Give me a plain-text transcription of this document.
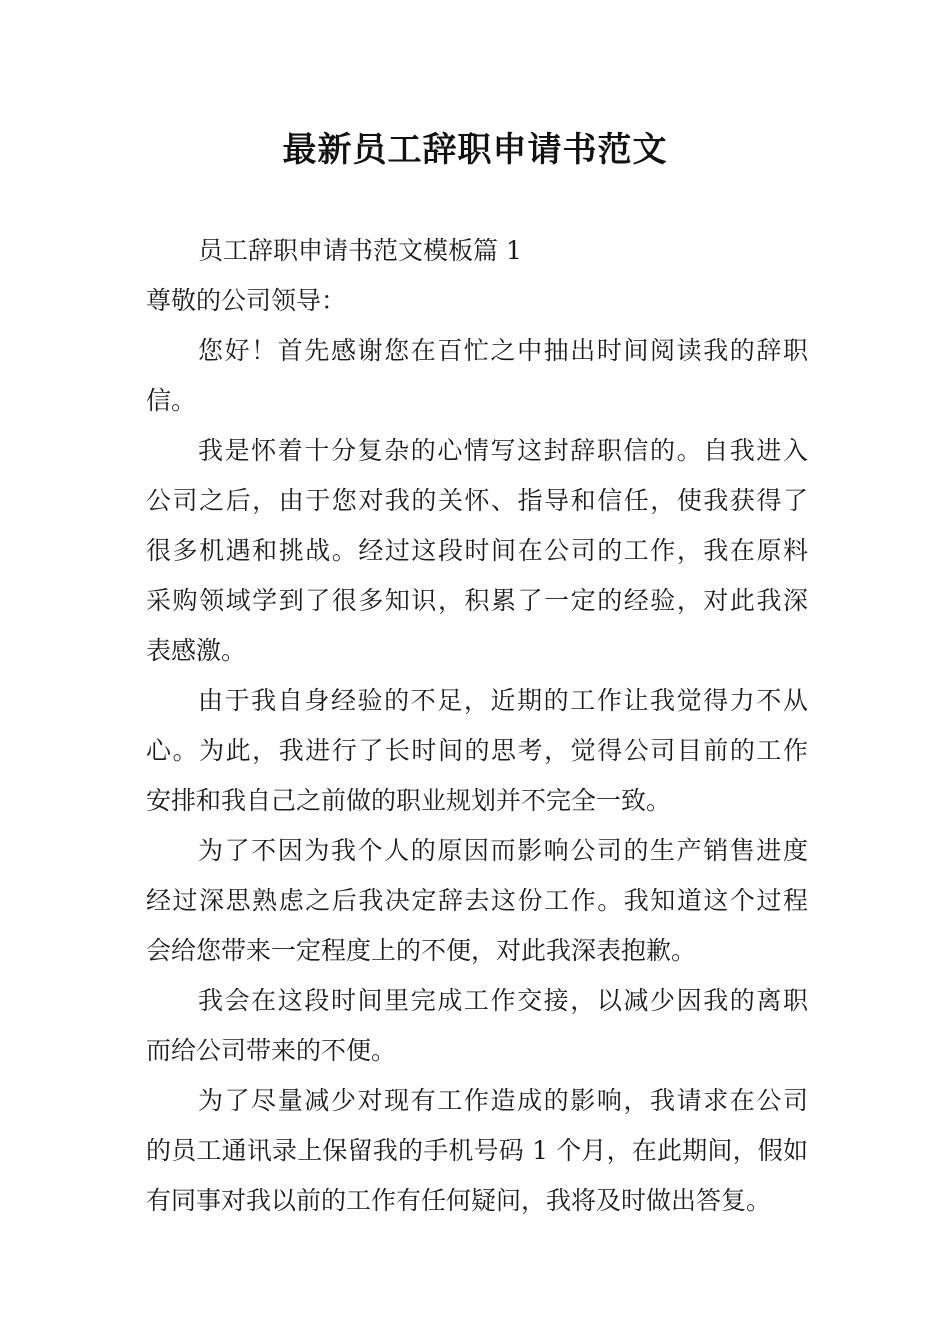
最新员工辞职申请书范文
员工辞职申请书范文模板篇 1
尊敬的公司领导：
您好！首先感谢您在百忙之中抽出时间阅读我的辞职
信。
我是怀着十分复杂的心情写这封辞职信的。自我进入
公司之后，由于您对我的关怀、指导和信任，使我获得了
很多机遇和挑战。经过这段时间在公司的工作，我在原料
采购领域学到了很多知识，积累了一定的经验，对此我深
表感激。
由于我自身经验的不足，近期的工作让我觉得力不从
心。为此，我进行了长时间的思考，觉得公司目前的工作
安排和我自己之前做的职业规划并不完全一致。
为了不因为我个人的原因而影响公司的生产销售进度
经过深思熟虑之后我决定辞去这份工作。我知道这个过程
会给您带来一定程度上的不便，对此我深表抱歉。
我会在这段时间里完成工作交接，以减少因我的离职
而给公司带来的不便。
为了尽量减少对现有工作造成的影响，我请求在公司
的员工通讯录上保留我的手机号码 1 个月，在此期间，假如
有同事对我以前的工作有任何疑问，我将及时做出答复。
